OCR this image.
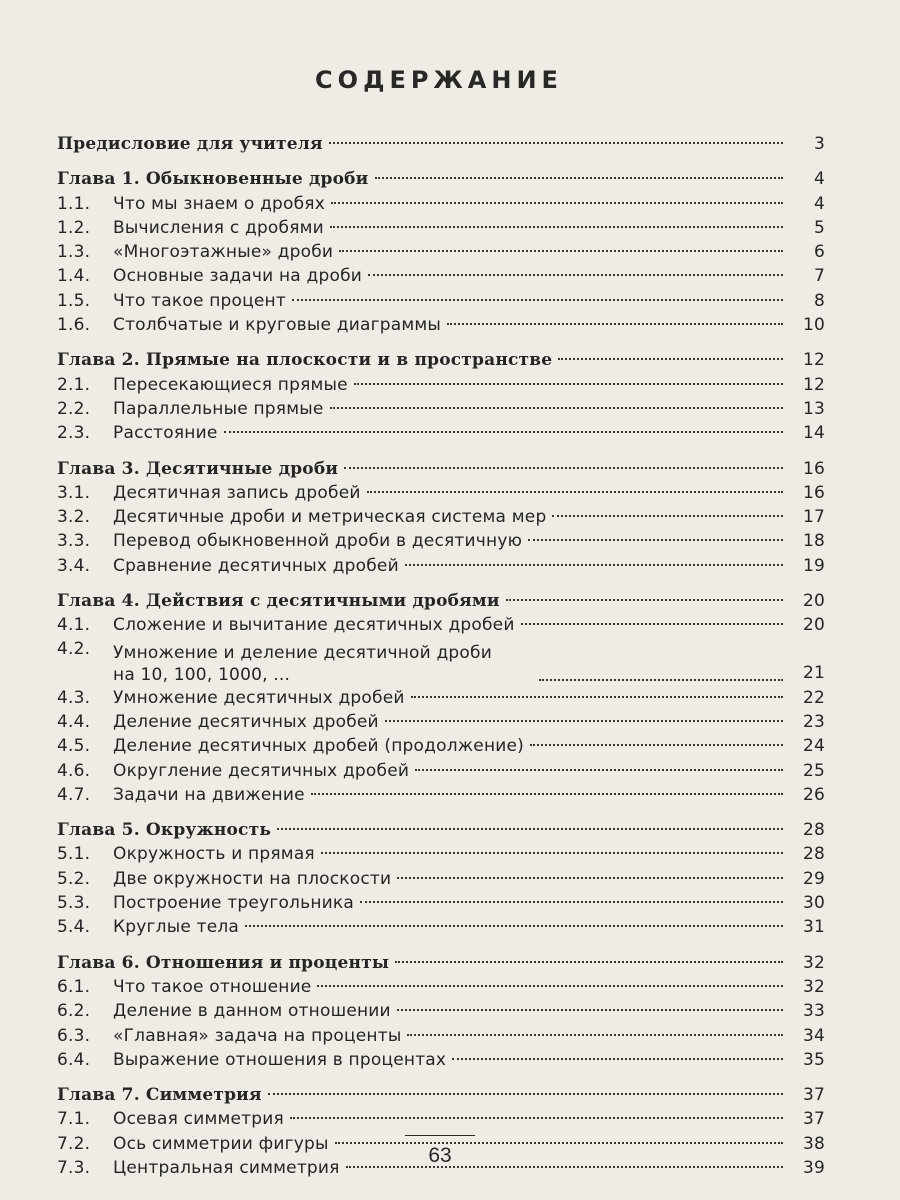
СОДЕРЖАНИЕ
Предисловие для учителя	3
Глава 1. Обыкновенные дроби	4
1.1.	Что мы знаем о дробях	4
1.2.	Вычисления с дробями	5
1.3.	«Многоэтажные» дроби	6
1.4.	Основные задачи на дроби	7
1.5.	Что такое процент	8
1.6.	Столбчатые и круговые диаграммы	10
Глава 2. Прямые на плоскости и в пространстве	12
2.1.	Пересекающиеся прямые	12
2.2.	Параллельные прямые	13
2.3.	Расстояние	14
Глава 3. Десятичные дроби	16
3.1.	Десятичная запись дробей	16
3.2.	Десятичные дроби и метрическая система мер	17
3.3.	Перевод обыкновенной дроби в десятичную	18
3.4.	Сравнение десятичных дробей	19
Глава 4. Действия с десятичными дробями	20
4.1.	Сложение и вычитание десятичных дробей	20
4.2.	Умножение и деление десятичной дроби
на 10, 100, 1000, ...	21
4.3.	Умножение десятичных дробей	22
4.4.	Деление десятичных дробей	23
4.5.	Деление десятичных дробей (продолжение)	24
4.6.	Округление десятичных дробей	25
4.7.	Задачи на движение	26
Глава 5. Окружность	28
5.1.	Окружность и прямая	28
5.2.	Две окружности на плоскости	29
5.3.	Построение треугольника	30
5.4.	Круглые тела	31
Глава 6. Отношения и проценты	32
6.1.	Что такое отношение	32
6.2.	Деление в данном отношении	33
6.3.	«Главная» задача на проценты	34
6.4.	Выражение отношения в процентах	35
Глава 7. Симметрия	37
7.1.	Осевая симметрия	37
7.2.	Ось симметрии фигуры	38
7.3.	Центральная симметрия	39
63
